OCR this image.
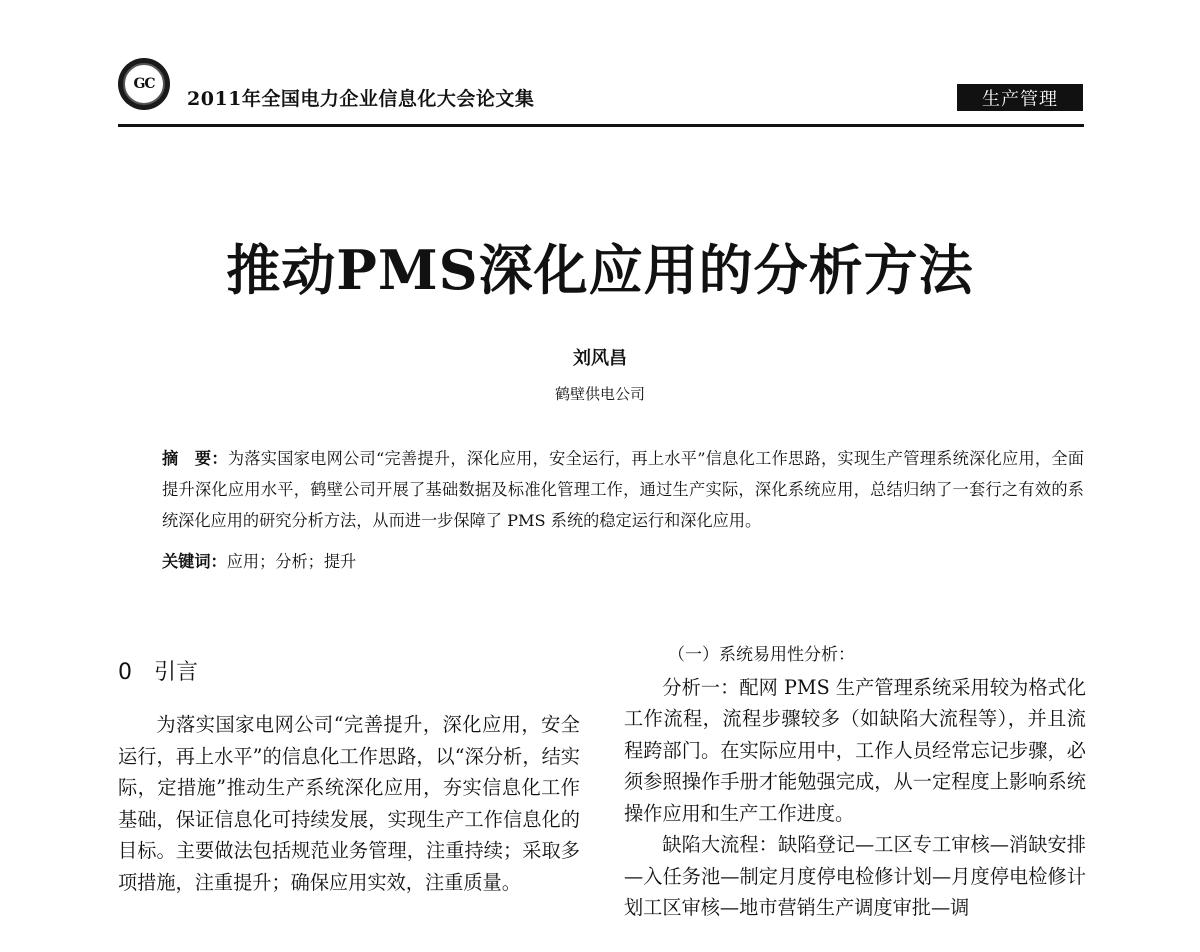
GC
2011年全国电力企业信息化大会论文集	生产管理
推动PMS深化应用的分析方法
刘风昌
鹤壁供电公司
摘　要：为落实国家电网公司“完善提升，深化应用，安全运行，再上水平”信息化工作思路，实现生产管理系统深化应用，全面提升深化应用水平，鹤壁公司开展了基础数据及标准化管理工作，通过生产实际，深化系统应用，总结归纳了一套行之有效的系统深化应用的研究分析方法，从而进一步保障了 PMS 系统的稳定运行和深化应用。
关键词：应用；分析；提升
0　引言

为落实国家电网公司“完善提升，深化应用，安全运行，再上水平”的信息化工作思路，以“深分析，结实际，定措施”推动生产系统深化应用，夯实信息化工作基础，保证信息化可持续发展，实现生产工作信息化的目标。主要做法包括规范业务管理，注重持续；采取多项措施，注重提升；确保应用实效，注重质量。

（一）系统易用性分析：

分析一：配网 PMS 生产管理系统采用较为格式化工作流程，流程步骤较多（如缺陷大流程等），并且流程跨部门。在实际应用中，工作人员经常忘记步骤，必须参照操作手册才能勉强完成，从一定程度上影响系统操作应用和生产工作进度。

缺陷大流程：缺陷登记—工区专工审核—消缺安排—入任务池—制定月度停电检修计划—月度停电检修计划工区审核—地市营销生产调度审批—调
